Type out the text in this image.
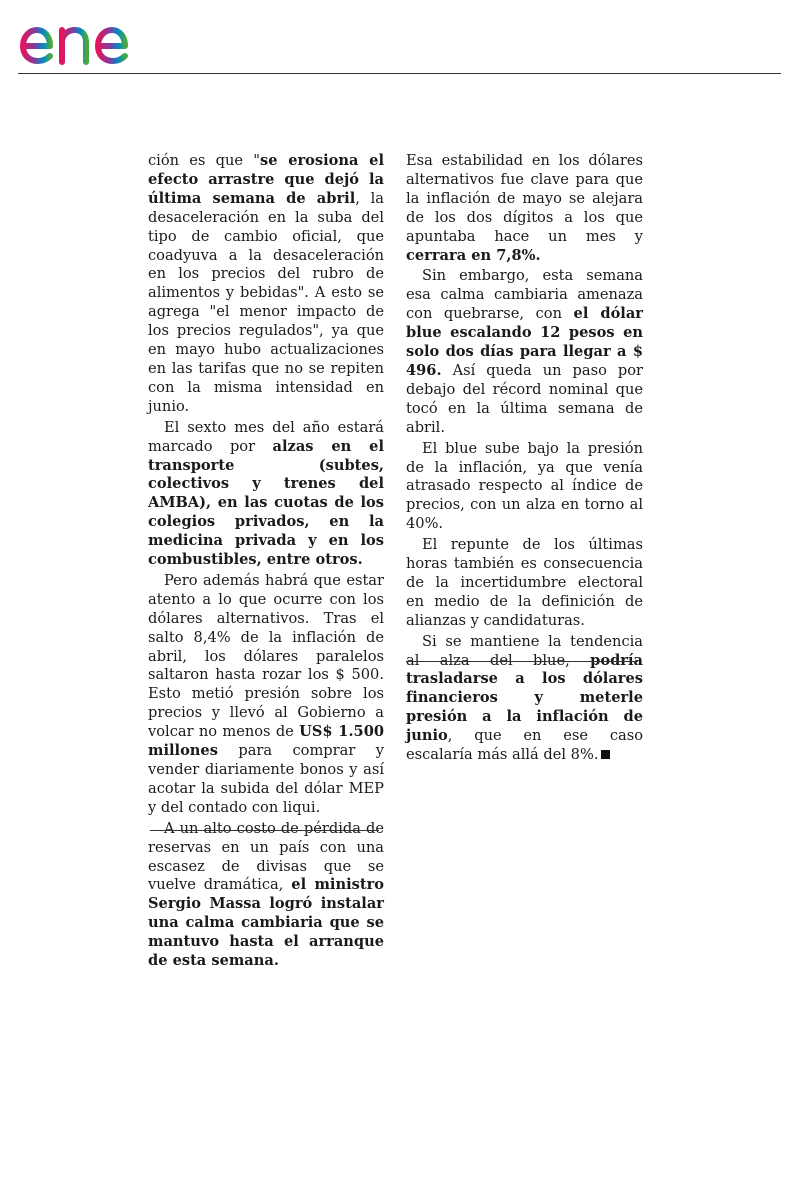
ción es que "se erosiona el efecto arrastre que dejó la última semana de abril, la desaceleración en la suba del tipo de cambio oficial, que coadyuva a la desaceleración en los precios del rubro de alimentos y bebidas". A esto se agrega "el menor impacto de los precios regulados", ya que en mayo hubo actualizaciones en las tarifas que no se repiten con la misma intensidad en junio.

El sexto mes del año estará marcado por alzas en el transporte (subtes, colectivos y trenes del AMBA), en las cuotas de los colegios privados, en la medicina privada y en los combustibles, entre otros.

Pero además habrá que estar atento a lo que ocurre con los dólares alternativos. Tras el salto 8,4% de la inflación de abril, los dólares paralelos saltaron hasta rozar los $ 500. Esto metió presión sobre los precios y llevó al Gobierno a volcar no menos de US$ 1.500 millones para comprar y vender diariamente bonos y así acotar la subida del dólar MEP y del contado con liqui.

A un alto costo de pérdida de reservas en un país con una escasez de divisas que se vuelve dramática, el ministro Sergio Massa logró instalar una calma cambiaria que se mantuvo hasta el arranque de esta semana.

Esa estabilidad en los dólares alternativos fue clave para que la inflación de mayo se alejara de los dos dígitos a los que apuntaba hace un mes y cerrara en 7,8%.

Sin embargo, esta semana esa calma cambiaria amenaza con quebrarse, con el dólar blue escalando 12 pesos en solo dos días para llegar a $ 496. Así queda un paso por debajo del récord nominal que tocó en la última semana de abril.

El blue sube bajo la presión de la inflación, ya que venía atrasado respecto al índice de precios, con un alza en torno al 40%.

El repunte de los últimas horas también es consecuencia de la incertidumbre electoral en medio de la definición de alianzas y candidaturas.

Si se mantiene la tendencia al alza del blue, podría trasladarse a los dólares financieros y meterle presión a la inflación de junio, que en ese caso escalaría más allá del 8%.
